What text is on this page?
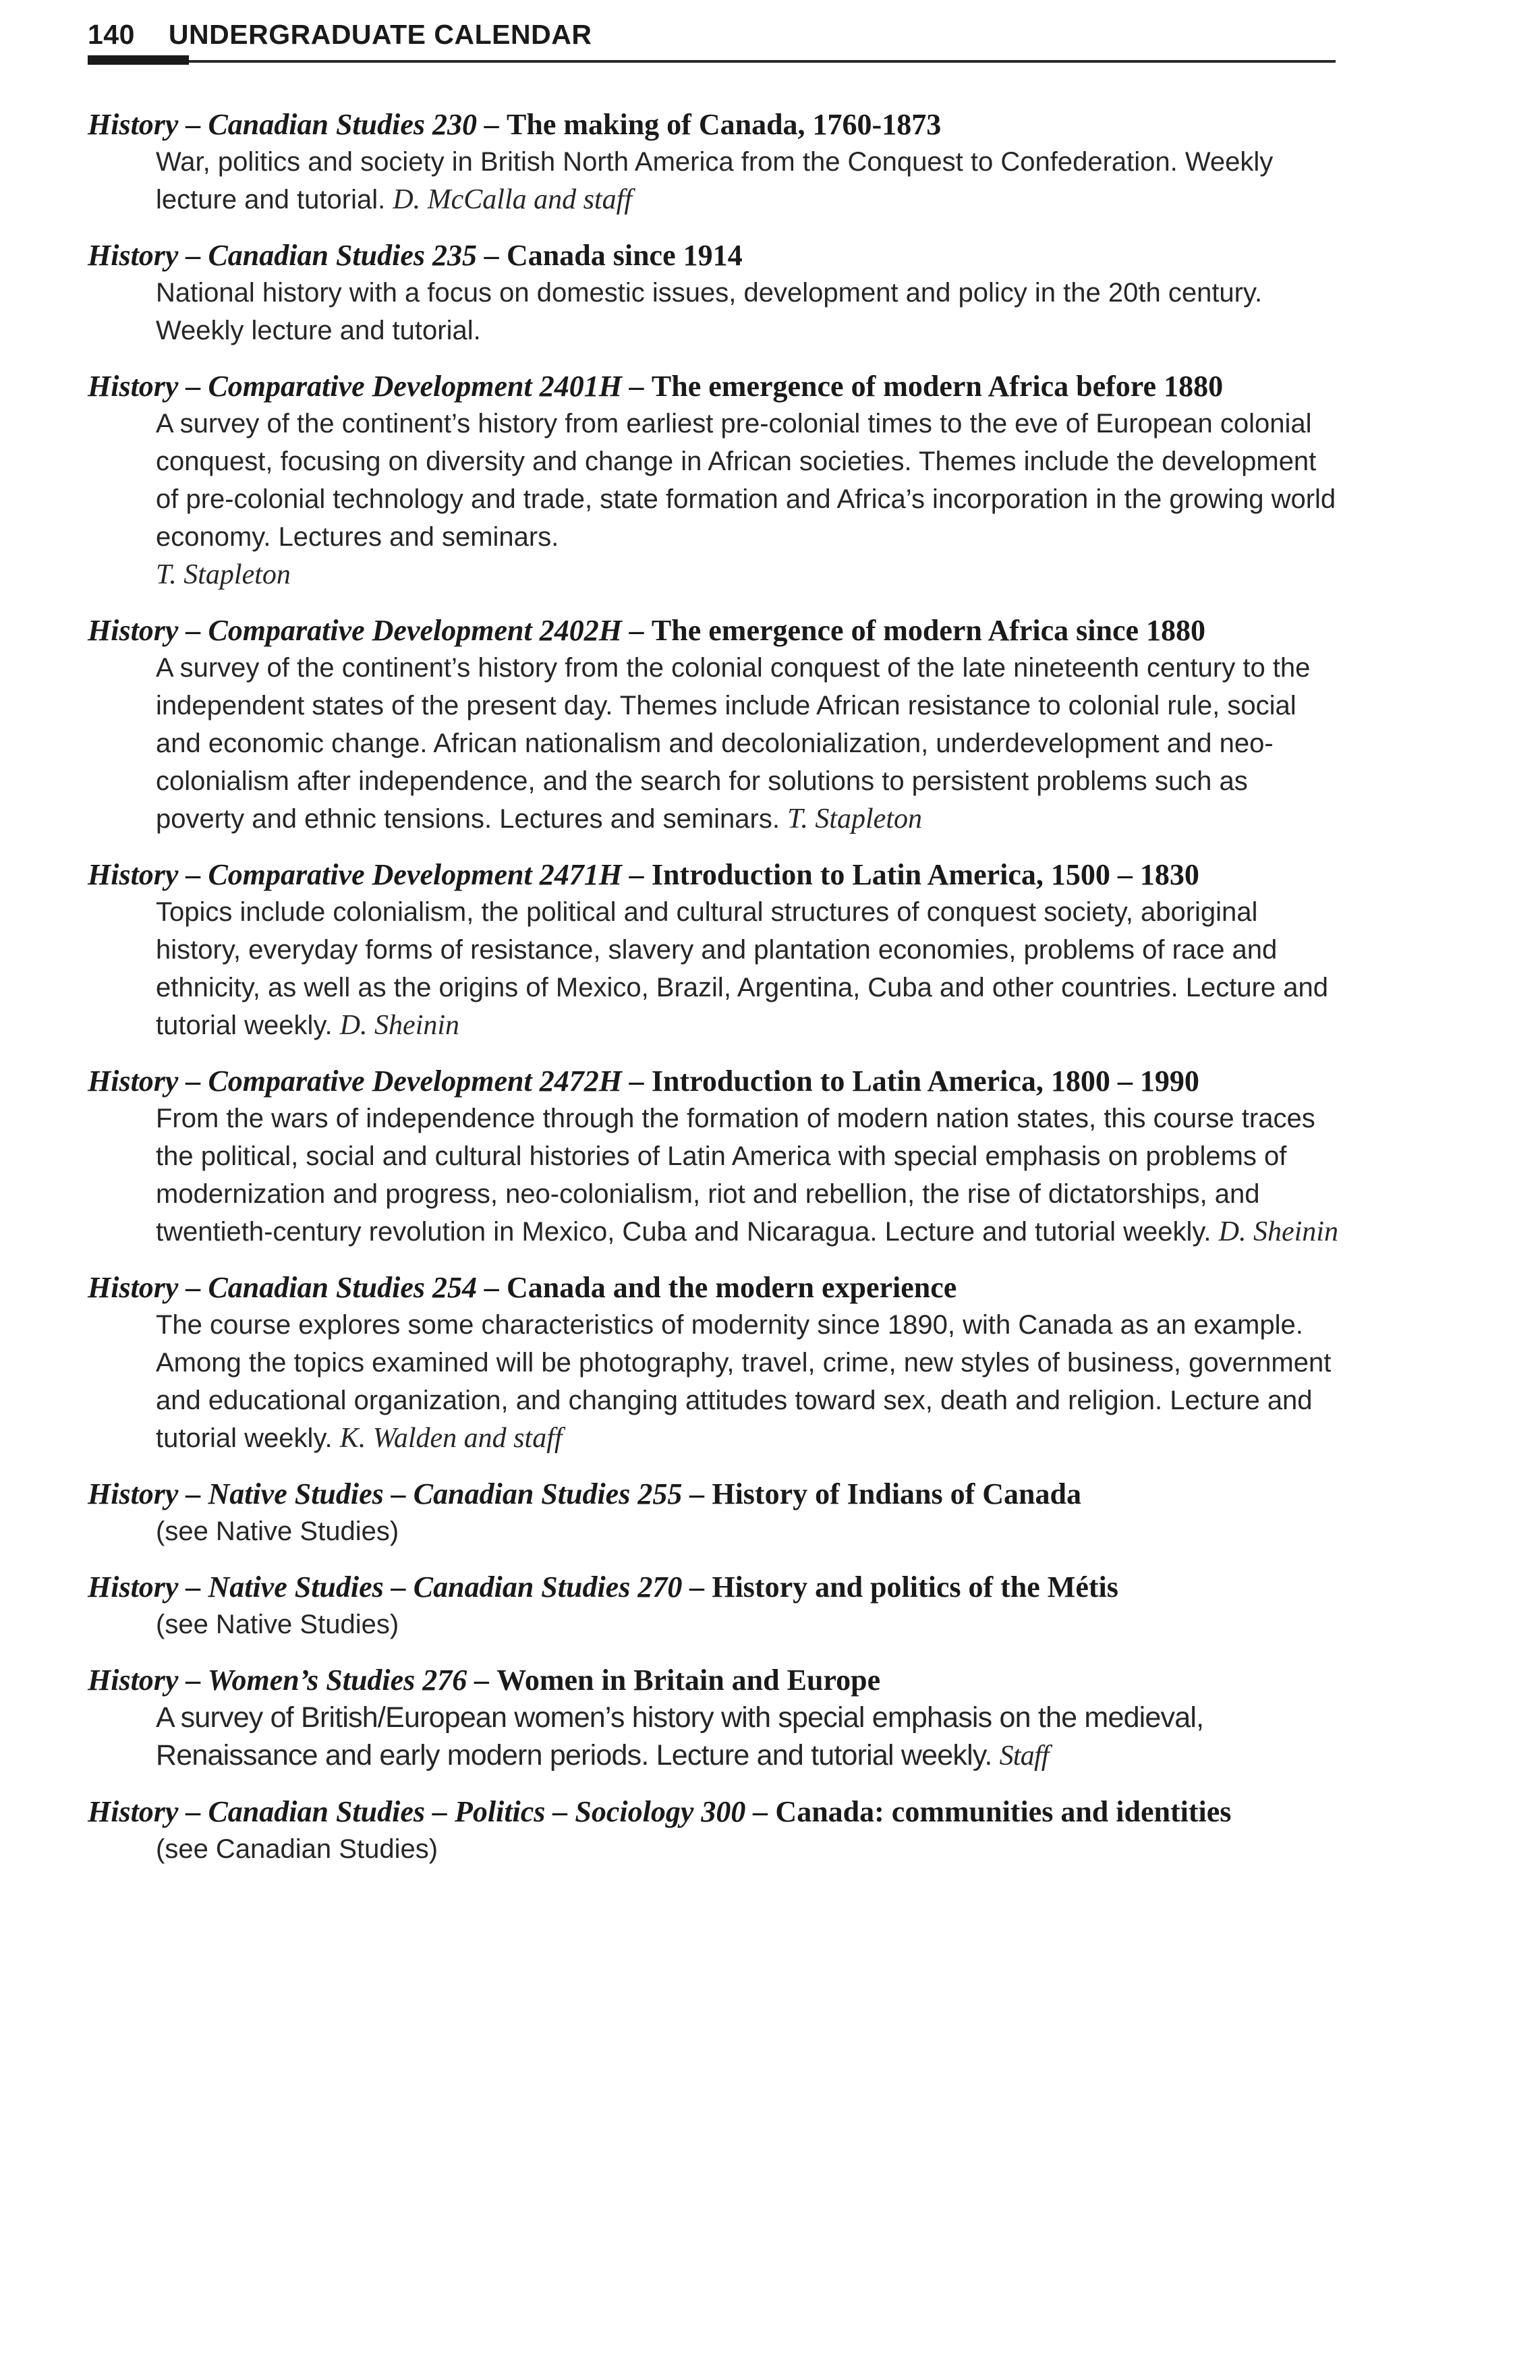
140 UNDERGRADUATE CALENDAR
History – Canadian Studies 230 – The making of Canada, 1760-1873
War, politics and society in British North America from the Conquest to Confederation. Weekly lecture and tutorial. D. McCalla and staff
History – Canadian Studies 235 – Canada since 1914
National history with a focus on domestic issues, development and policy in the 20th century. Weekly lecture and tutorial.
History – Comparative Development 2401H – The emergence of modern Africa before 1880
A survey of the continent’s history from earliest pre-colonial times to the eve of European colonial conquest, focusing on diversity and change in African societies. Themes include the development of pre-colonial technology and trade, state formation and Africa’s incorporation in the growing world economy. Lectures and seminars.
T. Stapleton
History – Comparative Development 2402H – The emergence of modern Africa since 1880
A survey of the continent’s history from the colonial conquest of the late nineteenth century to the independent states of the present day. Themes include African resistance to colonial rule, social and economic change. African nationalism and decolonialization, underdevelopment and neo-colonialism after independence, and the search for solutions to persistent problems such as poverty and ethnic tensions. Lectures and seminars. T. Stapleton
History – Comparative Development 2471H – Introduction to Latin America, 1500 – 1830
Topics include colonialism, the political and cultural structures of conquest society, aboriginal history, everyday forms of resistance, slavery and plantation economies, problems of race and ethnicity, as well as the origins of Mexico, Brazil, Argentina, Cuba and other countries. Lecture and tutorial weekly. D. Sheinin
History – Comparative Development 2472H – Introduction to Latin America, 1800 – 1990
From the wars of independence through the formation of modern nation states, this course traces the political, social and cultural histories of Latin America with special emphasis on problems of modernization and progress, neo-colonialism, riot and rebellion, the rise of dictatorships, and twentieth-century revolution in Mexico, Cuba and Nicaragua. Lecture and tutorial weekly. D. Sheinin
History – Canadian Studies 254 – Canada and the modern experience
The course explores some characteristics of modernity since 1890, with Canada as an example. Among the topics examined will be photography, travel, crime, new styles of business, government and educational organization, and changing attitudes toward sex, death and religion. Lecture and tutorial weekly. K. Walden and staff
History – Native Studies – Canadian Studies 255 – History of Indians of Canada
(see Native Studies)
History – Native Studies – Canadian Studies 270 – History and politics of the Métis
(see Native Studies)
History – Women’s Studies 276 – Women in Britain and Europe
A survey of British/European women’s history with special emphasis on the medieval, Renaissance and early modern periods. Lecture and tutorial weekly. Staff
History – Canadian Studies – Politics – Sociology 300 – Canada: communities and identities
(see Canadian Studies)
